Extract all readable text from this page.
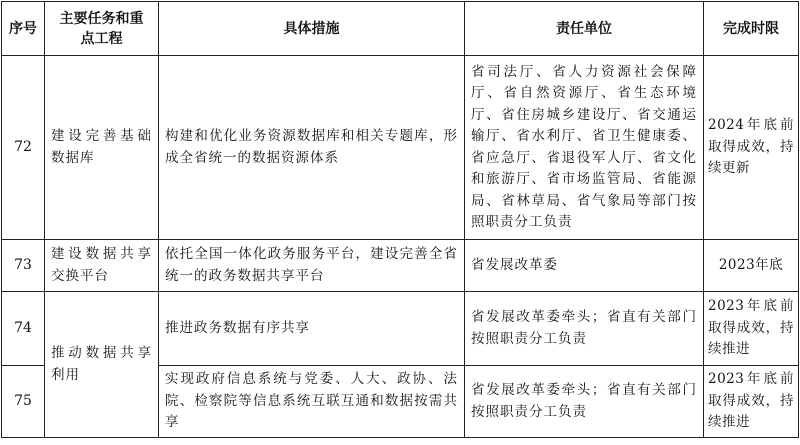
序号	主要任务和重点工程	具体措施	责任单位	完成时限
72	建设完善基础数据库	构建和优化业务资源数据库和相关专题库，形成全省统一的数据资源体系	省司法厅、省人力资源社会保障厅、省自然资源厅、省生态环境厅、省住房城乡建设厅、省交通运输厅、省水利厅、省卫生健康委、省应急厅、省退役军人厅、省文化和旅游厅、省市场监管局、省能源局、省林草局、省气象局等部门按照职责分工负责	2024年底前取得成效，持续更新
73	建设数据共享交换平台	依托全国一体化政务服务平台，建设完善全省统一的政务数据共享平台	省发展改革委	2023年底
74	推动数据共享利用	推进政务数据有序共享	省发展改革委牵头；省直有关部门按照职责分工负责	2023年底前取得成效，持续推进
75		实现政府信息系统与党委、人大、政协、法院、检察院等信息系统互联互通和数据按需共享	省发展改革委牵头；省直有关部门按照职责分工负责	2023年底前取得成效，持续推进
